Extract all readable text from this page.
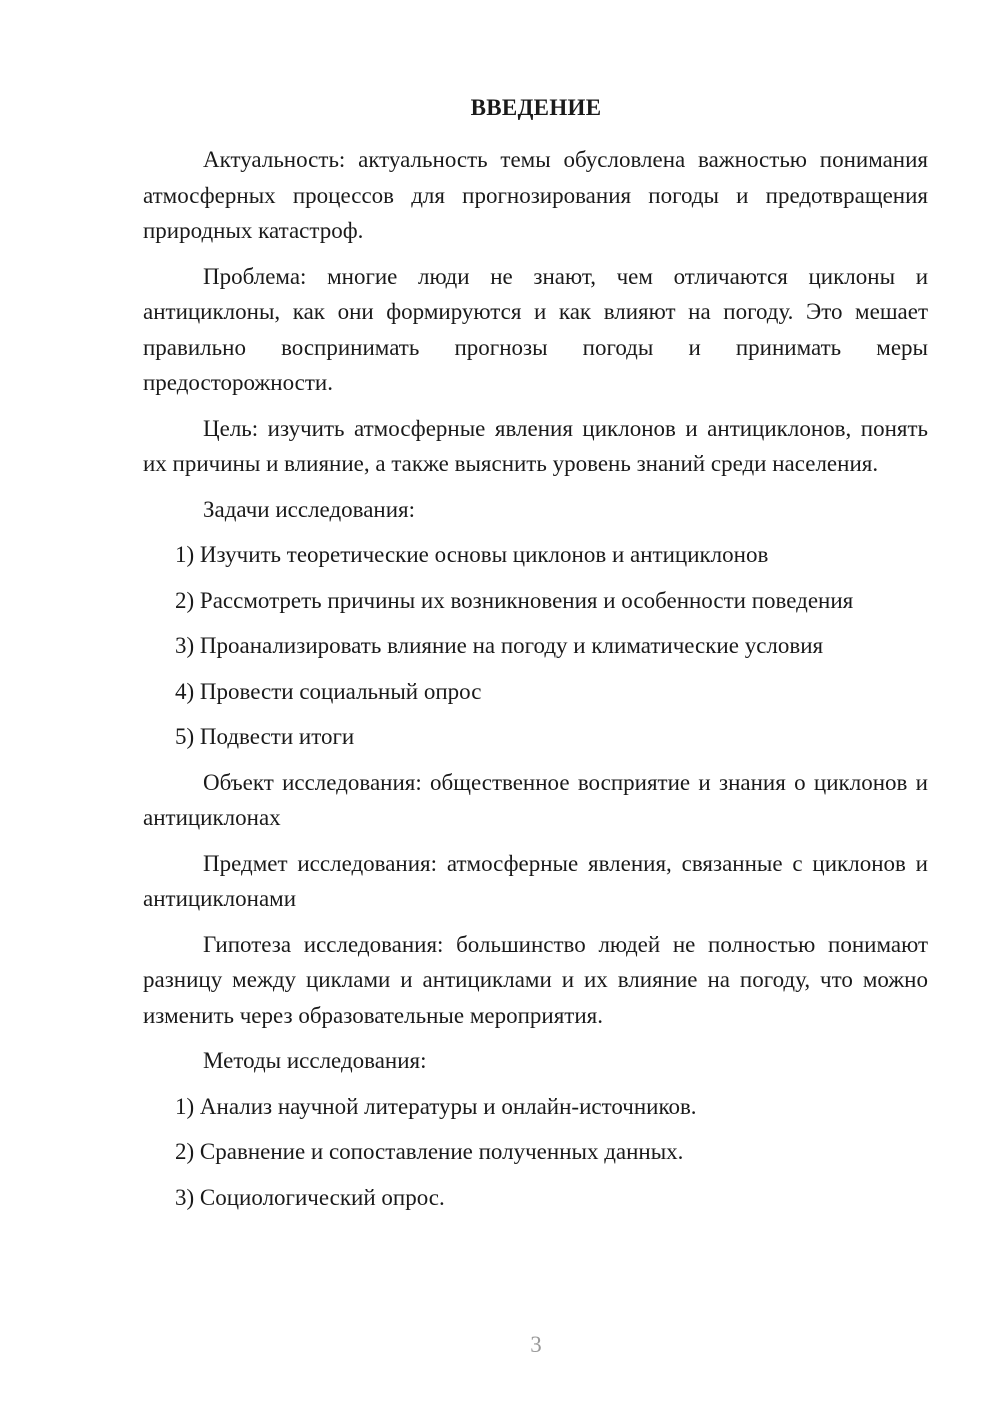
ВВЕДЕНИЕ

Актуальность: актуальность темы обусловлена важностью понимания атмосферных процессов для прогнозирования погоды и предотвращения природных катастроф.

Проблема: многие люди не знают, чем отличаются циклоны и антициклоны, как они формируются и как влияют на погоду. Это мешает правильно воспринимать прогнозы погоды и принимать меры предосторожности.

Цель: изучить атмосферные явления циклонов и антициклонов, понять их причины и влияние, а также выяснить уровень знаний среди населения.

Задачи исследования:

1) Изучить теоретические основы циклонов и антициклонов

2) Рассмотреть причины их возникновения и особенности поведения

3) Проанализировать влияние на погоду и климатические условия

4) Провести социальный опрос

5) Подвести итоги

Объект исследования: общественное восприятие и знания о циклонов и антициклонах

Предмет исследования: атмосферные явления, связанные с циклонов и антициклонами

Гипотеза исследования: большинство людей не полностью понимают разницу между циклами и антициклами и их влияние на погоду, что можно изменить через образовательные мероприятия.

Методы исследования:

1) Анализ научной литературы и онлайн-источников.

2) Сравнение и сопоставление полученных данных.

3) Социологический опрос.

3
